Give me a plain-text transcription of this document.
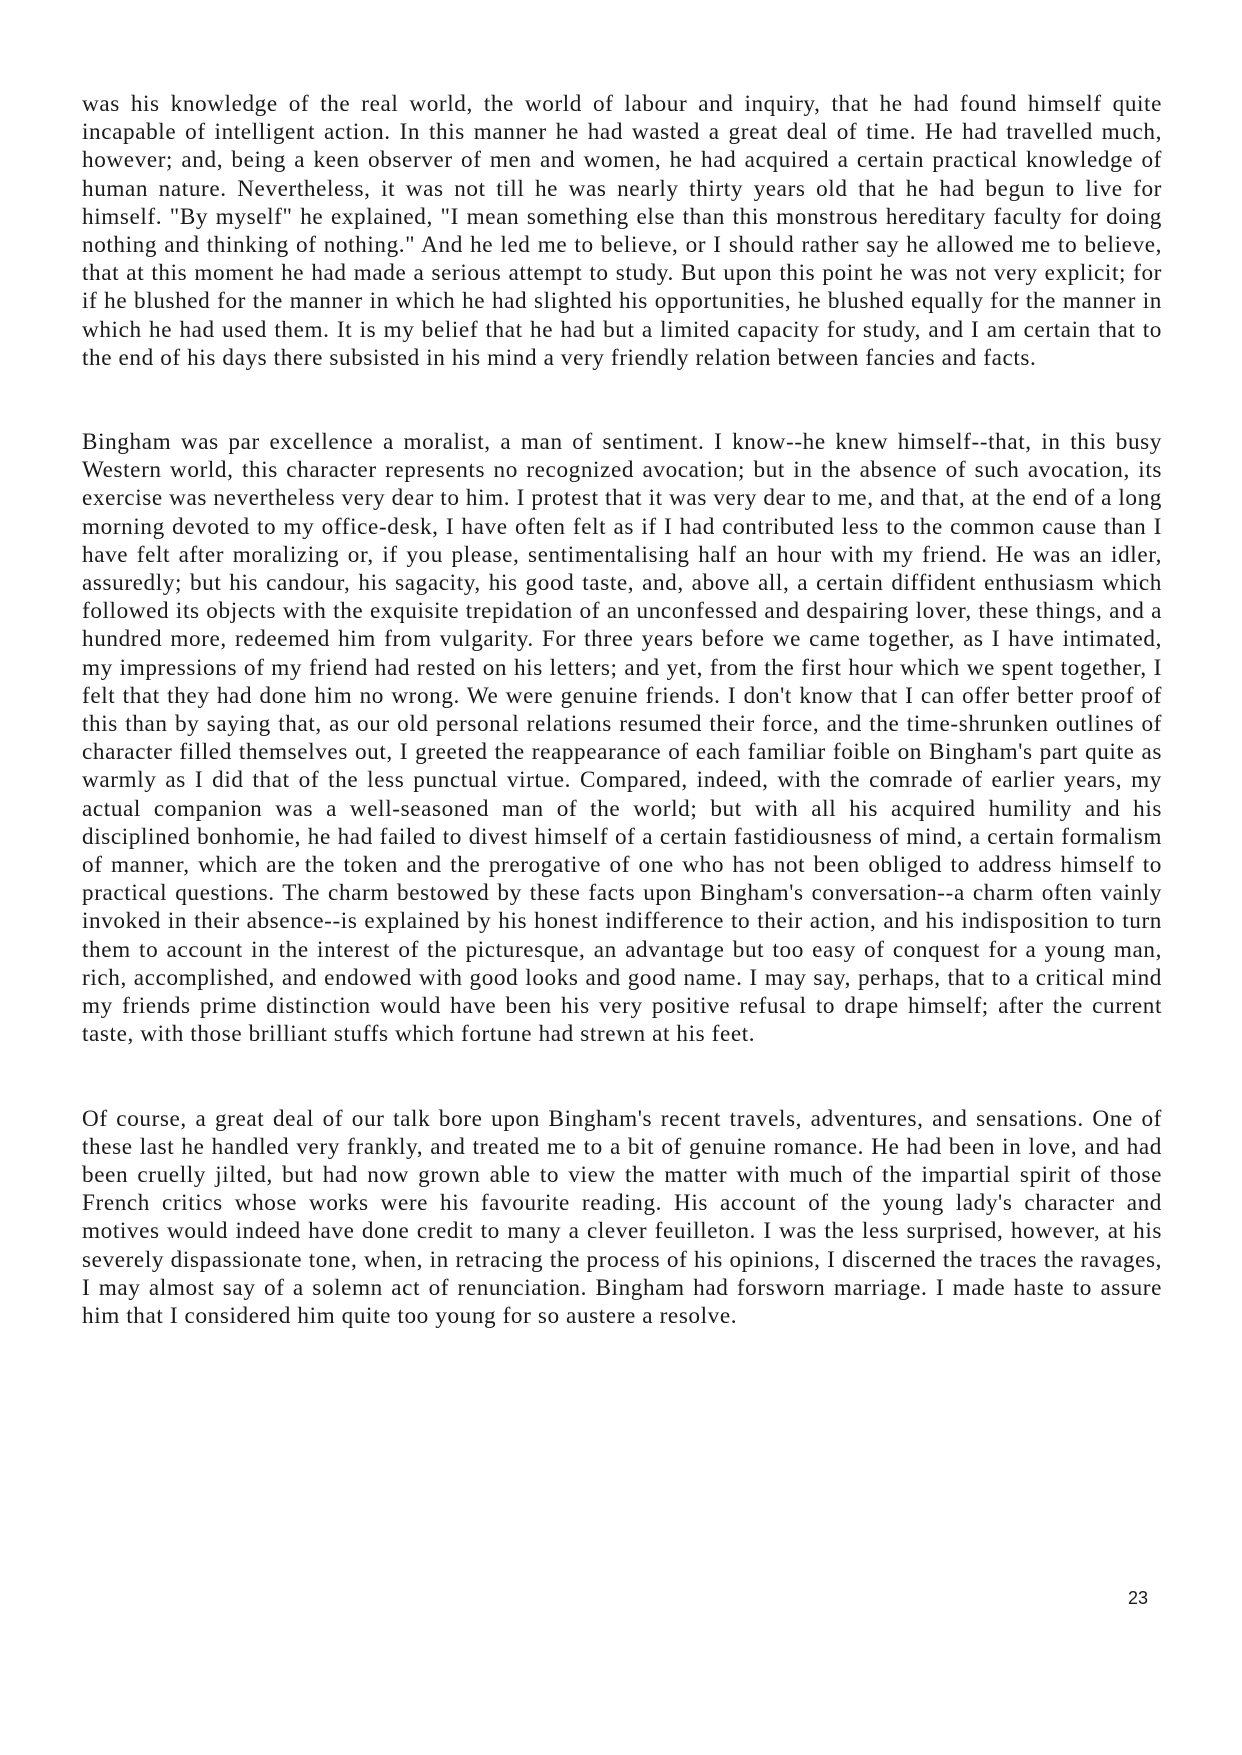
was his knowledge of the real world, the world of labour and inquiry, that he had found himself quite incapable of intelligent action. In this manner he had wasted a great deal of time. He had travelled much, however; and, being a keen observer of men and women, he had acquired a certain practical knowledge of human nature. Nevertheless, it was not till he was nearly thirty years old that he had begun to live for himself. "By myself" he explained, "I mean something else than this monstrous hereditary faculty for doing nothing and thinking of nothing." And he led me to believe, or I should rather say he allowed me to believe, that at this moment he had made a serious attempt to study. But upon this point he was not very explicit; for if he blushed for the manner in which he had slighted his opportunities, he blushed equally for the manner in which he had used them. It is my belief that he had but a limited capacity for study, and I am certain that to the end of his days there subsisted in his mind a very friendly relation between fancies and facts.

Bingham was par excellence a moralist, a man of sentiment. I know--he knew himself--that, in this busy Western world, this character represents no recognized avocation; but in the absence of such avocation, its exercise was nevertheless very dear to him. I protest that it was very dear to me, and that, at the end of a long morning devoted to my office-desk, I have often felt as if I had contributed less to the common cause than I have felt after moralizing or, if you please, sentimentalising half an hour with my friend. He was an idler, assuredly; but his candour, his sagacity, his good taste, and, above all, a certain diffident enthusiasm which followed its objects with the exquisite trepidation of an unconfessed and despairing lover, these things, and a hundred more, redeemed him from vulgarity. For three years before we came together, as I have intimated, my impressions of my friend had rested on his letters; and yet, from the first hour which we spent together, I felt that they had done him no wrong. We were genuine friends. I don't know that I can offer better proof of this than by saying that, as our old personal relations resumed their force, and the time-shrunken outlines of character filled themselves out, I greeted the reappearance of each familiar foible on Bingham's part quite as warmly as I did that of the less punctual virtue. Compared, indeed, with the comrade of earlier years, my actual companion was a well-seasoned man of the world; but with all his acquired humility and his disciplined bonhomie, he had failed to divest himself of a certain fastidiousness of mind, a certain formalism of manner, which are the token and the prerogative of one who has not been obliged to address himself to practical questions. The charm bestowed by these facts upon Bingham's conversation--a charm often vainly invoked in their absence--is explained by his honest indifference to their action, and his indisposition to turn them to account in the interest of the picturesque, an advantage but too easy of conquest for a young man, rich, accomplished, and endowed with good looks and good name. I may say, perhaps, that to a critical mind my friends prime distinction would have been his very positive refusal to drape himself; after the current taste, with those brilliant stuffs which fortune had strewn at his feet.

Of course, a great deal of our talk bore upon Bingham's recent travels, adventures, and sensations. One of these last he handled very frankly, and treated me to a bit of genuine romance. He had been in love, and had been cruelly jilted, but had now grown able to view the matter with much of the impartial spirit of those French critics whose works were his favourite reading. His account of the young lady's character and motives would indeed have done credit to many a clever feuilleton. I was the less surprised, however, at his severely dispassionate tone, when, in retracing the process of his opinions, I discerned the traces the ravages, I may almost say of a solemn act of renunciation. Bingham had forsworn marriage. I made haste to assure him that I considered him quite too young for so austere a resolve.

23
